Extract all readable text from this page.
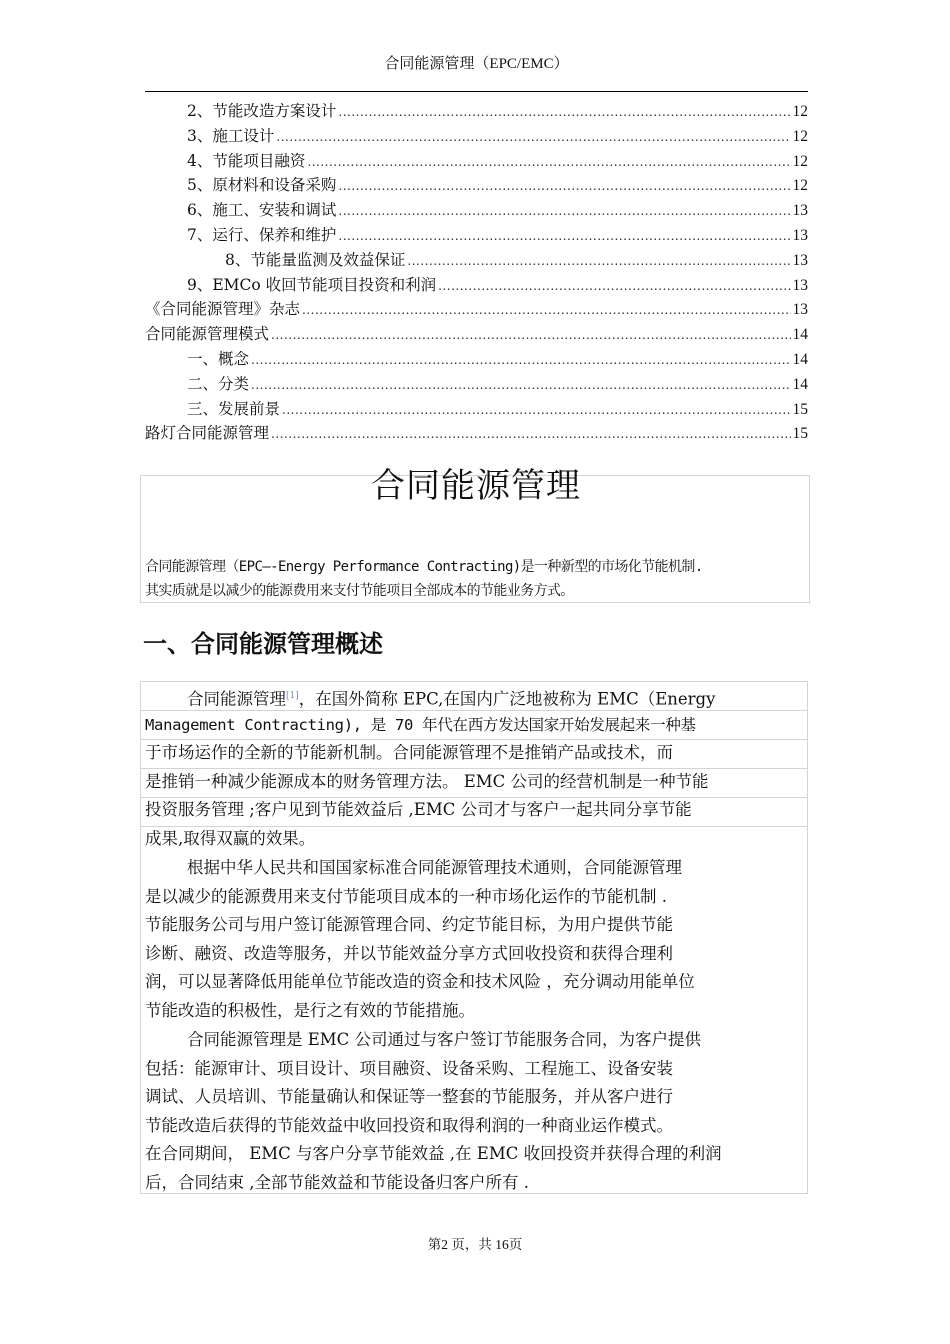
合同能源管理（EPC/EMC）
2、节能改造方案设计 .....	12
3、施工设计 .....	12
4、节能项目融资 .....	12
5、原材料和设备采购 .....	12
6、施工、安装和调试 .....	13
7、运行、保养和维护 .....	13
8、节能量监测及效益保证 .....	13
9、EMCo 收回节能项目投资和利润 .....	13
《合同能源管理》杂志 .....	13
合同能源管理模式 .....	14
一、概念 .....	14
二、分类 .....	14
三、发展前景 .....	15
路灯合同能源管理 .....	15
合同能源管理
合同能源管理（EPC—-Energy Performance Contracting)是一种新型的市场化节能机制.
其实质就是以减少的能源费用来支付节能项目全部成本的节能业务方式。
一、合同能源管理概述
合同能源管理[1]，在国外简称 EPC,在国内广泛地被称为 EMC（Energy
Management Contracting), 是 70 年代在西方发达国家开始发展起来一种基
于市场运作的全新的节能新机制。合同能源管理不是推销产品或技术，而
是推销一种减少能源成本的财务管理方法。 EMC 公司的经营机制是一种节能
投资服务管理 ;客户见到节能效益后 ,EMC 公司才与客户一起共同分享节能
成果,取得双赢的效果。
根据中华人民共和国国家标准合同能源管理技术通则，合同能源管理
是以减少的能源费用来支付节能项目成本的一种市场化运作的节能机制 .
节能服务公司与用户签订能源管理合同、约定节能目标，为用户提供节能
诊断、融资、改造等服务，并以节能效益分享方式回收投资和获得合理利
润，可以显著降低用能单位节能改造的资金和技术风险 ，充分调动用能单位
节能改造的积极性，是行之有效的节能措施。
合同能源管理是 EMC 公司通过与客户签订节能服务合同，为客户提供
包括：能源审计、项目设计、项目融资、设备采购、工程施工、设备安装
调试、人员培训、节能量确认和保证等一整套的节能服务，并从客户进行
节能改造后获得的节能效益中收回投资和取得利润的一种商业运作模式。
在合同期间， EMC 与客户分享节能效益 ,在 EMC 收回投资并获得合理的利润
后，合同结束 ,全部节能效益和节能设备归客户所有 .
第2 页，共 16页
